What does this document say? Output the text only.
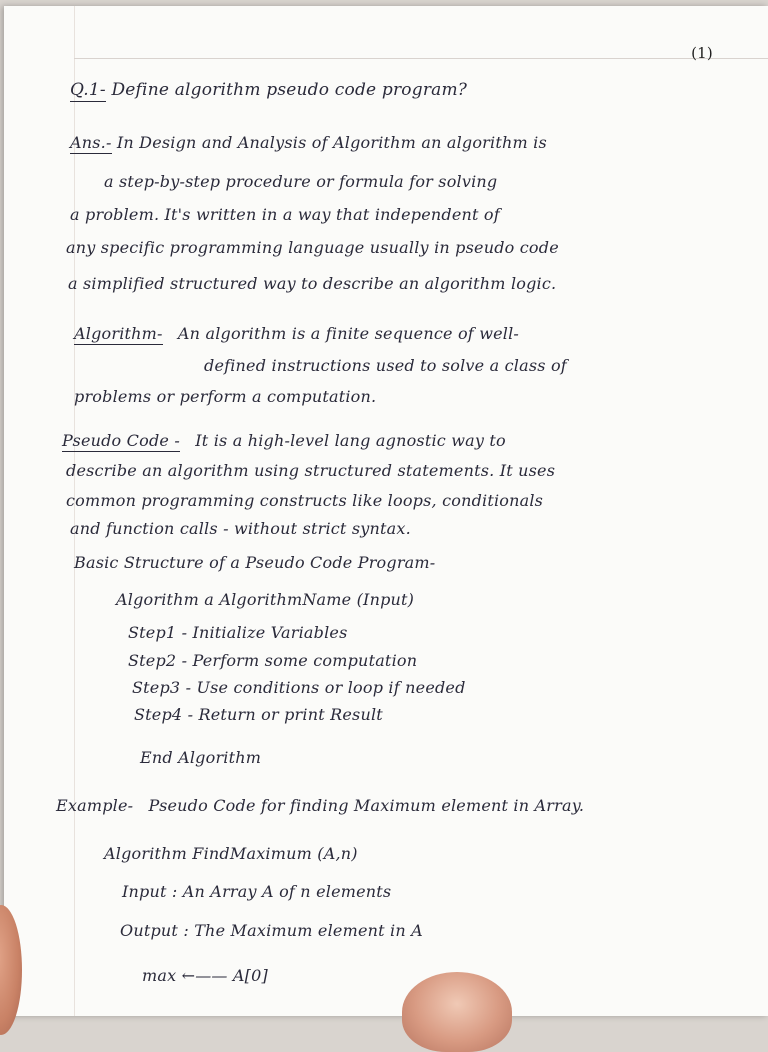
(1)
Q.1- Define algorithm pseudo code program?
Ans.- In Design and Analysis of Algorithm an algorithm is
a step-by-step procedure or formula for solving
a problem. It's written in a way that independent of
any specific programming language usually in pseudo code
a simplified structured way to describe an algorithm logic.
Algorithm- An algorithm is a finite sequence of well-
defined instructions used to solve a class of
problems or perform a computation.
Pseudo Code - It is a high-level lang agnostic way to
describe an algorithm using structured statements. It uses
common programming constructs like loops, conditionals
and function calls - without strict syntax.
Basic Structure of a Pseudo Code Program-
Algorithm a AlgorithmName (Input)
Step1 - Initialize Variables
Step2 - Perform some computation
Step3 - Use conditions or loop if needed
Step4 - Return or print Result
End Algorithm
Example- Pseudo Code for finding Maximum element in Array.
Algorithm FindMaximum (A,n)
Input : An Array A of n elements
Output : The Maximum element in A
max ←—— A[0]
